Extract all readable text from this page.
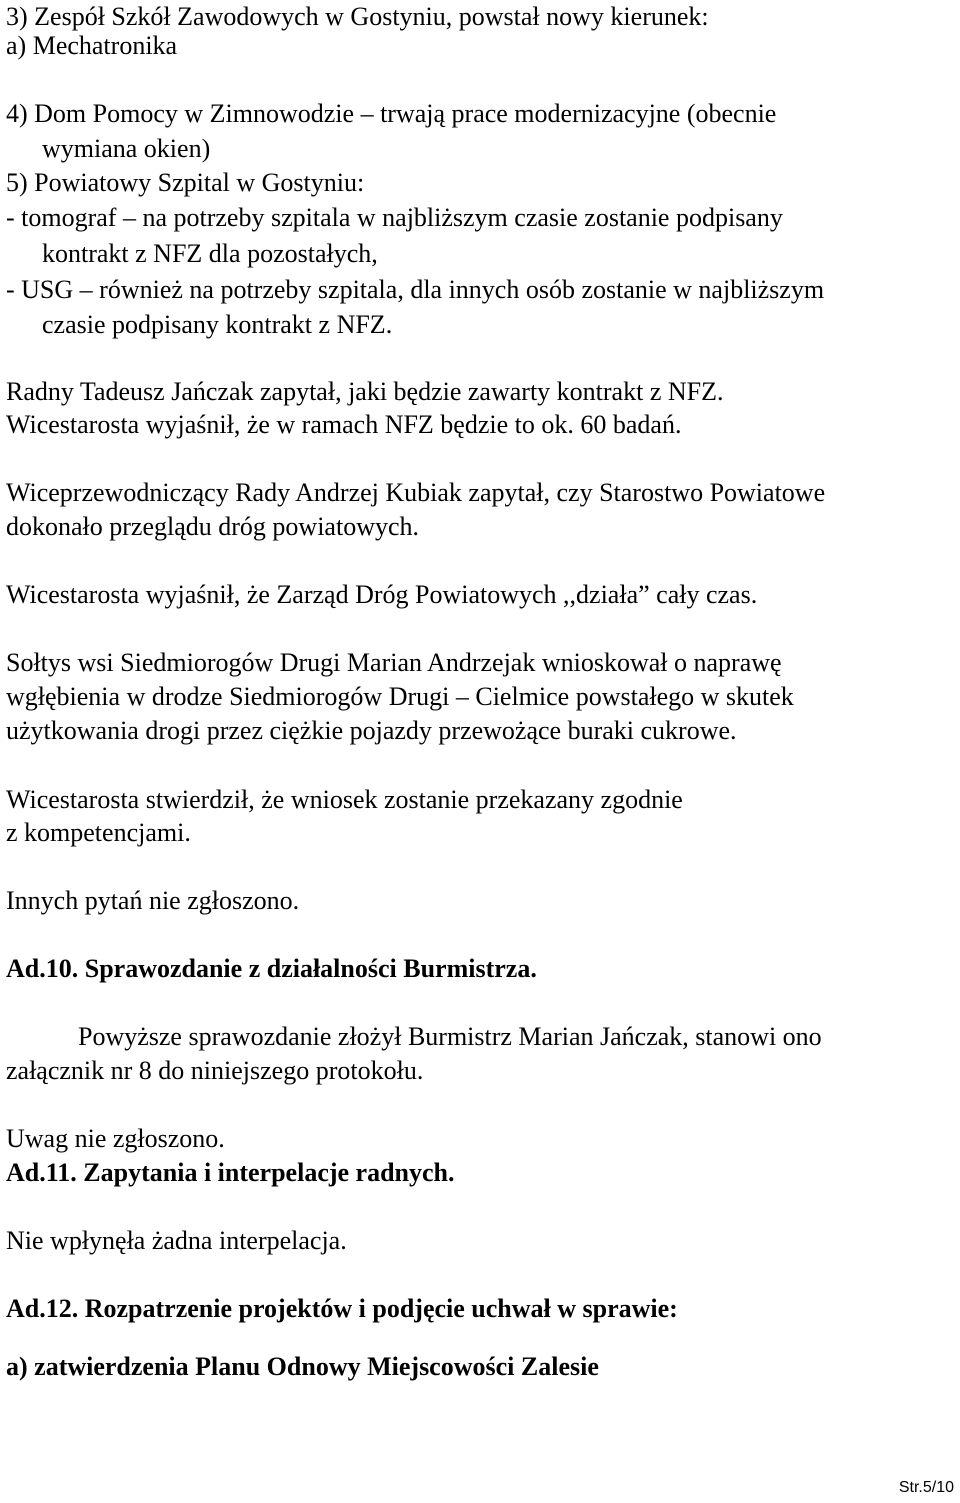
3) Zespół Szkół Zawodowych w Gostyniu, powstał nowy kierunek:
a) Mechatronika
4) Dom Pomocy w Zimnowodzie – trwają prace modernizacyjne (obecnie
wymiana okien)
5) Powiatowy Szpital w Gostyniu:
- tomograf – na potrzeby szpitala w najbliższym czasie zostanie podpisany
kontrakt z NFZ dla pozostałych,
- USG – również na potrzeby szpitala, dla innych osób zostanie w najbliższym
czasie podpisany kontrakt z NFZ.
Radny Tadeusz Jańczak zapytał, jaki będzie zawarty kontrakt z NFZ.
Wicestarosta wyjaśnił, że w ramach NFZ będzie to ok. 60 badań.
Wiceprzewodniczący Rady Andrzej Kubiak zapytał, czy Starostwo Powiatowe
dokonało przeglądu dróg powiatowych.
Wicestarosta wyjaśnił, że Zarząd Dróg Powiatowych ,,działa” cały czas.
Sołtys wsi Siedmiorogów Drugi Marian Andrzejak wnioskował o naprawę
wgłębienia w drodze Siedmiorogów Drugi – Cielmice powstałego w skutek
użytkowania drogi przez ciężkie pojazdy przewożące buraki cukrowe.
Wicestarosta stwierdził, że wniosek zostanie przekazany zgodnie
z kompetencjami.
Innych pytań nie zgłoszono.
Ad.10. Sprawozdanie z działalności Burmistrza.
Powyższe sprawozdanie złożył Burmistrz Marian Jańczak, stanowi ono
załącznik nr 8 do niniejszego protokołu.
Uwag nie zgłoszono.
Ad.11. Zapytania i interpelacje radnych.
Nie wpłynęła żadna interpelacja.
Ad.12. Rozpatrzenie projektów i podjęcie uchwał w sprawie:
a) zatwierdzenia Planu Odnowy Miejscowości Zalesie
Str.5/10
